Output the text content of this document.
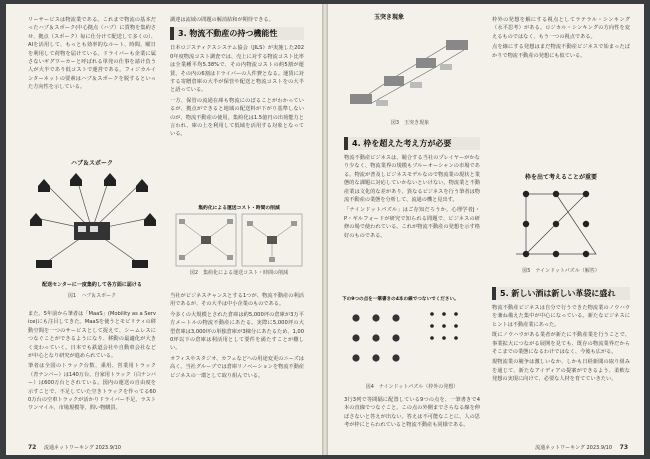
リーサービスは物流業である。これまで物流の基本だったハブ＆スポーク(中心拠点（ハブ）に貨物を集約させ、拠点（スポーク）毎に仕分けて配送して多くの）、AIを活用して、もっとも効率的なルート、時間、曜日を利用して荷物を届けている。ドライバーも企業に属さないギグワーカーと呼ばれる単発の仕事を請け負う人が大半であり低コストで運営である。フィジカルインターネットの要素はハブ＆スポークを脱するといった方向性を示している。

ハブ＆スポーク
配送センターに一度集約して各方面に届ける
図1　ハブ＆スポーク

また、5年前から筆者は「MaaS」(Mobility as a Service)にも注目してきた。MaaSを使うとモビリティの移動空間を一つのサービスとして捉えて、シームレスにつなぐことができるようになり、移動の最適化が大きく変わっていく。日本でも鉄道会社や自動車会社などが中心となり研究が進められている。

筆者は全国のトラック台数、乗用、営業用トラック（青ナンバー）は140万台、自家用トラック（白ナンバー）は600万台とされている。国内の運送の自由度を示すことで、不足していた空きトラックを作ってる600万台の空車トラックが活かりドライバー不足、ラストワンマイル、市場規模等、問い物購買、

調達は流域の問題の解消結和が期待できる。

3. 物流不動産の持つ機能性

日本ロジスティクスシステム協会（JILS）が実施した2020年度物流コスト調査では、売上に対する物流コスト比率は全業種平均5.38%で、その内物流コストの約5割が運賃、その内の6割はドライバーの人件費となる。運賃に対する寄贈倉庫の大半が保管や配送と物流コストをの大半と語っている。

一方、保管の流通在庫も物流にのぼることがわかっているが、拠点ができると地域の配送料が下がり基準しないのが、物流不動産の使用。集約化は1.5億円の出荷能力と言われ、庫の上を利用して低域を活用する対象となっている。

集約化による運送コスト・時間の削減
図2　集約化による運送コスト・時間の削減

当社がビジネスチャンスとする1つが、物流不動産の利活用であるが、その大半は中小企業のものである。

今多くの大規模とされた倉庫は約5,000坪の倉庫が3万平方メートルの物流不動産にあたる。実際に5,000坪の大型倉庫は3,000坪の単独倉庫が3棟分にあたるため、1,000坪以下の倉庫は利活用として要件を満たすことが難しい。

オフィスやスタジオ、カフェなどへの用途変更のニーズは高く、当社グループでは倉庫リノベーションを物流不動産ビジネスの一環として取り組んでいる。

72 流通ネットワーキング 2023.9/10
玉突き現象
図3　玉突き現象
4. 枠を超えた考え方が必要

物流不動産ビジネスは、競合する当社のプレイヤーがかなり少なく、物流業界の規模もブルーオーシャンの市場である。物流が普及しビジネスモデルなので物流業の現状と業態的な課題に対応していかないといけない。物流業と不動産業は文化的な差があり、異なるビジネスを行う筆者は物流不動産の業態を分析して、流通の機と見出す。

「ナインドットパズル」はご存知だろうか。心理学者J・P・ギルフォードが研究で知られる問題で、ビジネスの研修の場で使われている。これが物流不動産の発想を示す格好のものである。

下の9つの点を一筆書きの4本の線でつないでください。
図4　ナインドットパズル（枠外の発想）

3行3列で等間隔に配置している9つの点を、一筆書きで4本の直線でつなぐこと。この点の外側までさらなる線を伸ばさないと答えが出ない。答えは不可能なことに、人の思考が枠にとらわれていると物流不動産も同様である。

枠外の発想を解にする視点としてラテラル・シンキング（水平思考）がある。ロジカル・シンキングの方向性を変えるものではなく、もう一つの視点である。

点を線にする発想はまだ物流不動産ビジネスで始まったばかりで物流不動産の発想にも似ている。

枠を出て考えることが重要
図5　ナインドットパズル（解答）
5. 新しい酒は新しい革袋に盛れ

物流不動産ビジネスは自分で行うできた物流業のノウハウを兼ね備えた集中が中心になっている。新たなビジネスにヒントは不動産業にあった。

既にノウハウがある業者が新たに不動産業を行うことで、事業拡大につながる展開を見ても、既存の物流業界だからそこまでの業態になるわけではなく、今後も広がる。

現物流業の競争は激しいなか、しかも日経新聞の取り組みを通じて、新たなアイディアの提案ができるよう、柔軟な発想の実現に向けて、必要な人材を育てていきたい。

流通ネットワーキング 2023.9/10 73
